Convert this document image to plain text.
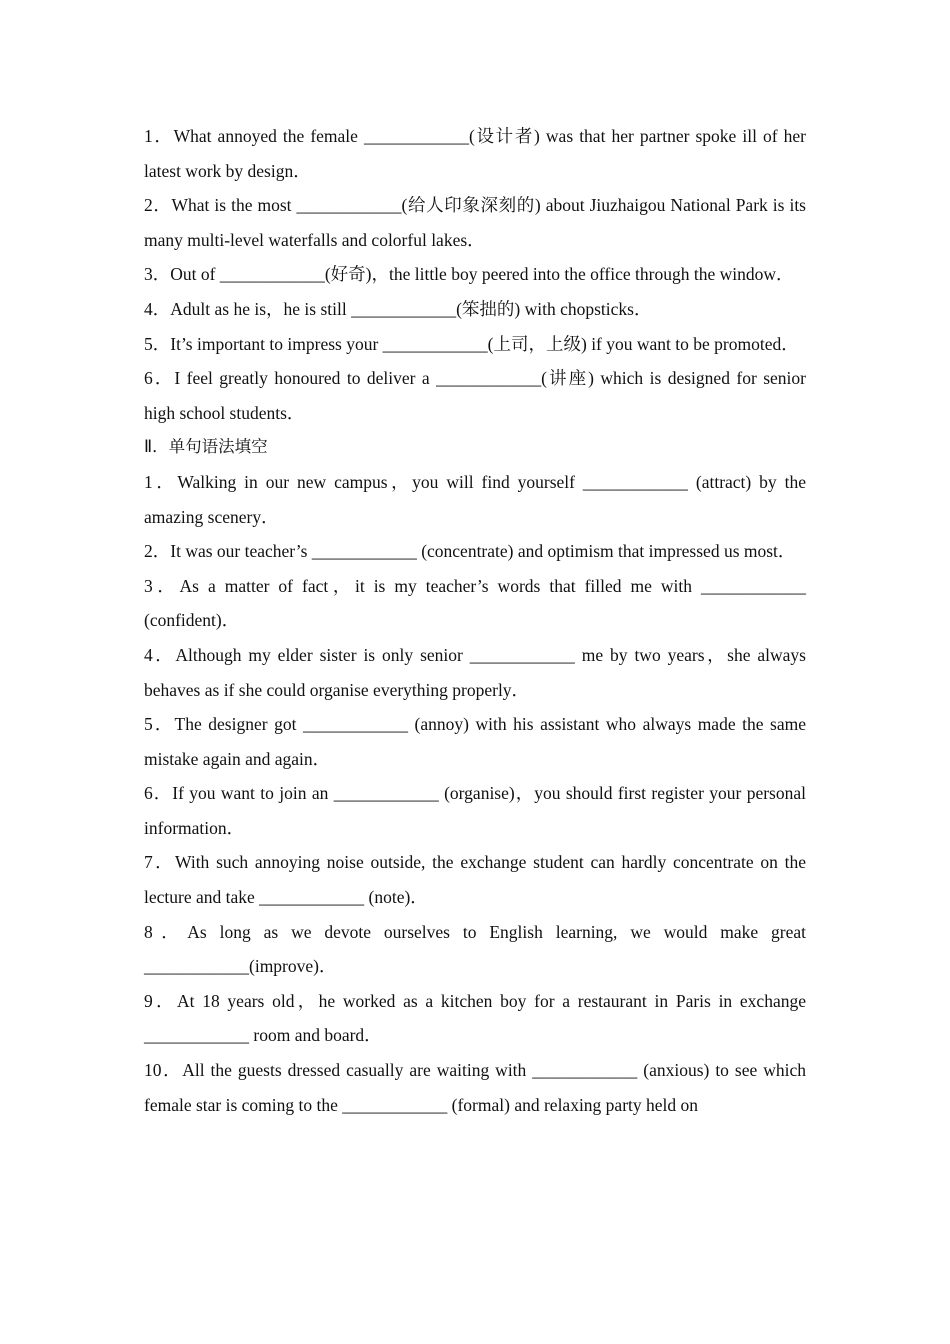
1．What annoyed the female ____________(设计者) was that her partner spoke ill of her latest work by design．

2．What is the most ____________(给人印象深刻的) about Jiuzhaigou National Park is its many multi-level waterfalls and colorful lakes．

3．Out of ____________(好奇)，the little boy peered into the office through the window．

4．Adult as he is，he is still ____________(笨拙的) with chopsticks．

5．It’s important to impress your ____________(上司，上级) if you want to be promoted．

6．I feel greatly honoured to deliver a ____________(讲座) which is designed for senior high school students．

Ⅱ．单句语法填空

1．Walking in our new campus，you will find yourself ____________ (attract) by the amazing scenery．

2．It was our teacher’s ____________ (concentrate) and optimism that impressed us most．

3．As a matter of fact，it is my teacher’s words that filled me with ____________ (confident)．

4．Although my elder sister is only senior ____________ me by two years，she always behaves as if she could organise everything properly．

5．The designer got ____________ (annoy) with his assistant who always made the same mistake again and again．

6．If you want to join an ____________ (organise)，you should first register your personal information．

7．With such annoying noise outside, the exchange student can hardly concentrate on the lecture and take ____________ (note)．

8．As long as we devote ourselves to English learning, we would make great ____________(improve)．

9．At 18 years old，he worked as a kitchen boy for a restaurant in Paris in exchange ____________ room and board．

10．All the guests dressed casually are waiting with ____________ (anxious) to see which female star is coming to the ____________ (formal) and relaxing party held on
